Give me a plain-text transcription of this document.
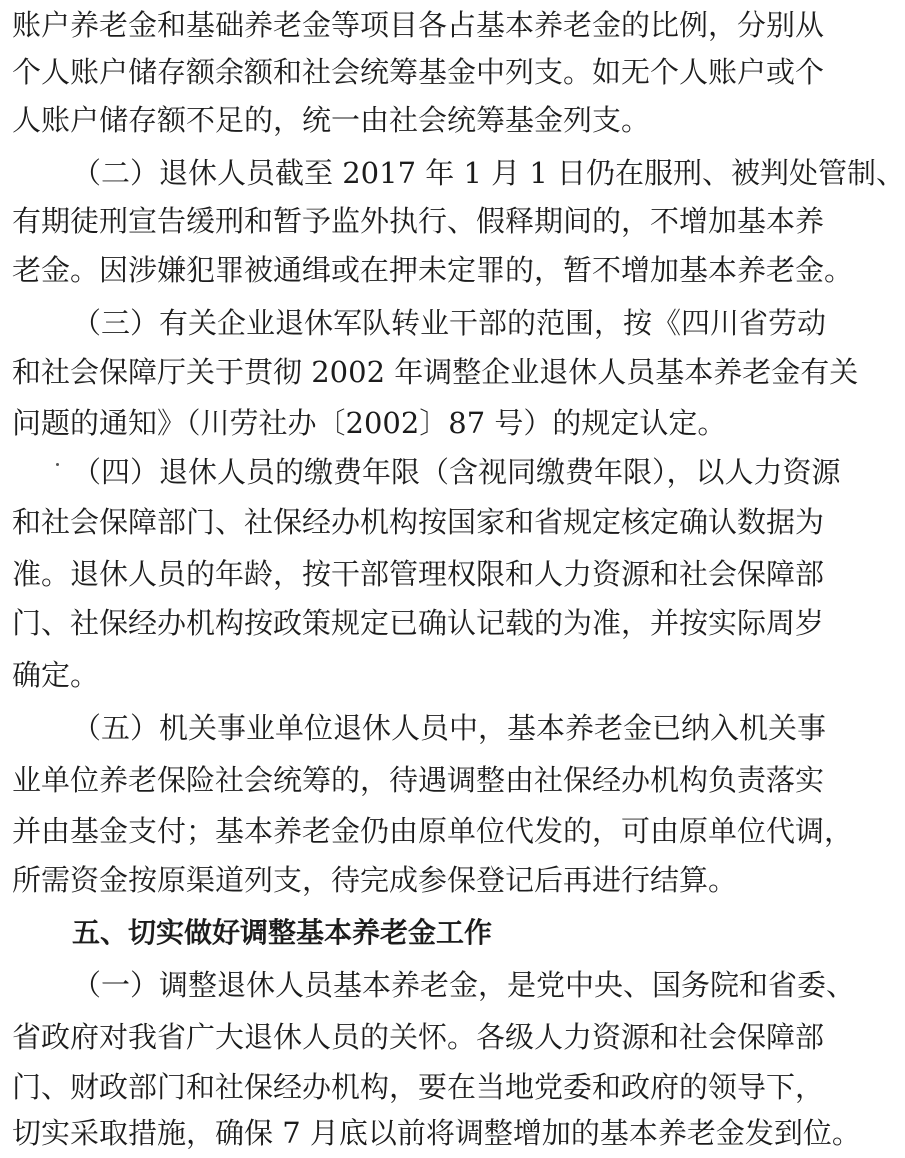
账户养老金和基础养老金等项目各占基本养老金的比例，分别从
个人账户储存额余额和社会统筹基金中列支。如无个人账户或个
人账户储存额不足的，统一由社会统筹基金列支。
（二）退休人员截至 2017 年 1 月 1 日仍在服刑、被判处管制、
有期徒刑宣告缓刑和暂予监外执行、假释期间的，不增加基本养
老金。因涉嫌犯罪被通缉或在押未定罪的，暂不增加基本养老金。
（三）有关企业退休军队转业干部的范围，按《四川省劳动
和社会保障厅关于贯彻 2002 年调整企业退休人员基本养老金有关
问题的通知》（川劳社办〔2002〕87 号）的规定认定。
（四）退休人员的缴费年限（含视同缴费年限），以人力资源
和社会保障部门、社保经办机构按国家和省规定核定确认数据为
准。退休人员的年龄，按干部管理权限和人力资源和社会保障部
门、社保经办机构按政策规定已确认记载的为准，并按实际周岁
确定。
（五）机关事业单位退休人员中，基本养老金已纳入机关事
业单位养老保险社会统筹的，待遇调整由社保经办机构负责落实
并由基金支付；基本养老金仍由原单位代发的，可由原单位代调，
所需资金按原渠道列支，待完成参保登记后再进行结算。
五、切实做好调整基本养老金工作
（一）调整退休人员基本养老金，是党中央、国务院和省委、
省政府对我省广大退休人员的关怀。各级人力资源和社会保障部
门、财政部门和社保经办机构，要在当地党委和政府的领导下，
切实采取措施，确保 7 月底以前将调整增加的基本养老金发到位。
